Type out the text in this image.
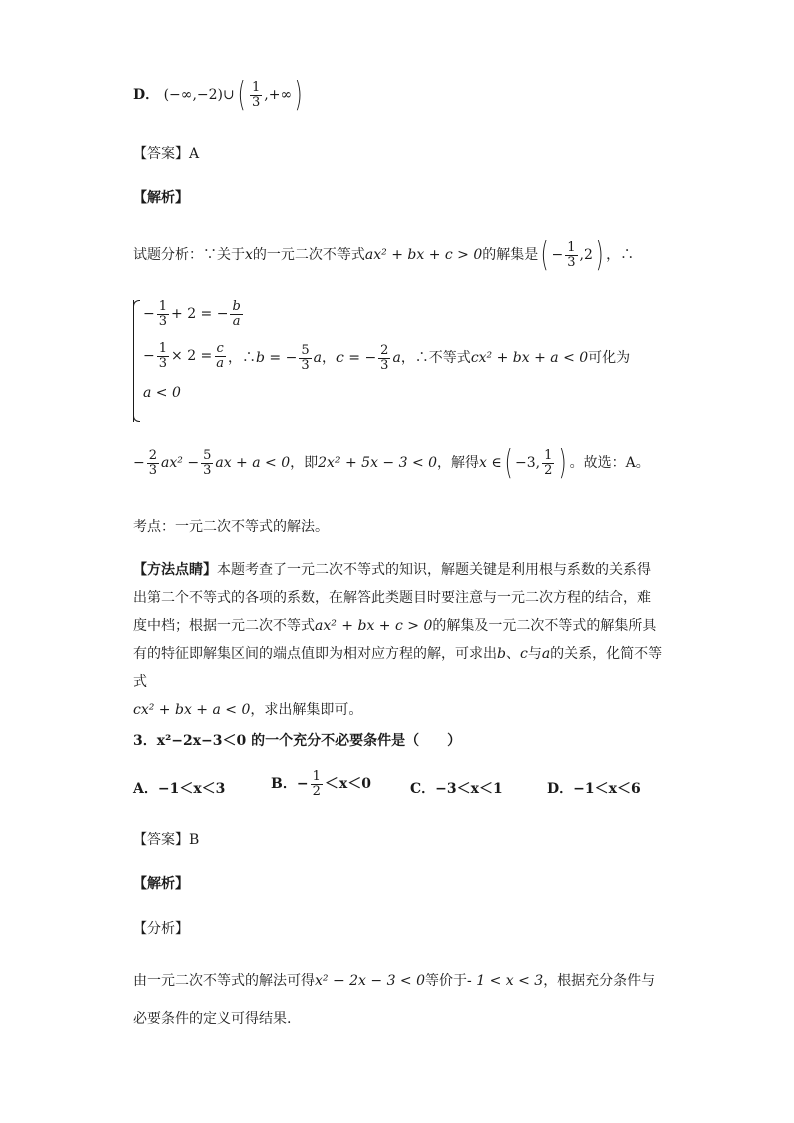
D． (−∞,−2)∪( $\frac{1}{3}$ ,+∞)
【答案】A
【解析】
试题分析：∵关于x的一元二次不等式ax² + bx + c > 0的解集是( − $\frac{1}{3} ,2$) ，∴
− $\frac{1}{3} + 2$ = − $\frac{b}{a}$
− $\frac{1}{3} \times 2 = \frac{c}{a}$
a < 0
，∴b = − $\frac{5}{3}$ a，c = − $\frac{2}{3}$ a，∴不等式cx² + bx + a < 0可化为
− $\frac{2}{3} ax^2 - \frac{5}{3}$ ax + a < 0，即2x² + 5x − 3 < 0，解得x ∈( −3, $\frac{1}{2}$ ) 。故选：A。
考点：一元二次不等式的解法。
【方法点睛】本题考查了一元二次不等式的知识，解题关键是利用根与系数的关系得出第二个不等式的各项的系数，在解答此类题目时要注意与一元二次方程的结合，难度中档；根据一元二次不等式ax² + bx + c > 0的解集及一元二次不等式的解集所具有的特征即解集区间的端点值即为相对应方程的解，可求出b、c与a的关系，化简不等式
cx² + bx + a < 0，求出解集即可。
3．x²−2x−3＜0 的一个充分不必要条件是（　　）
A．−1＜x＜3	B．− $\frac{1}{2} <x<0$	C．−3＜x＜1	D．−1＜x＜6
【答案】B
【解析】
【分析】
由一元二次不等式的解法可得x² − 2x − 3 < 0等价于- 1 < x < 3，根据充分条件与必要条件的定义可得结果.
